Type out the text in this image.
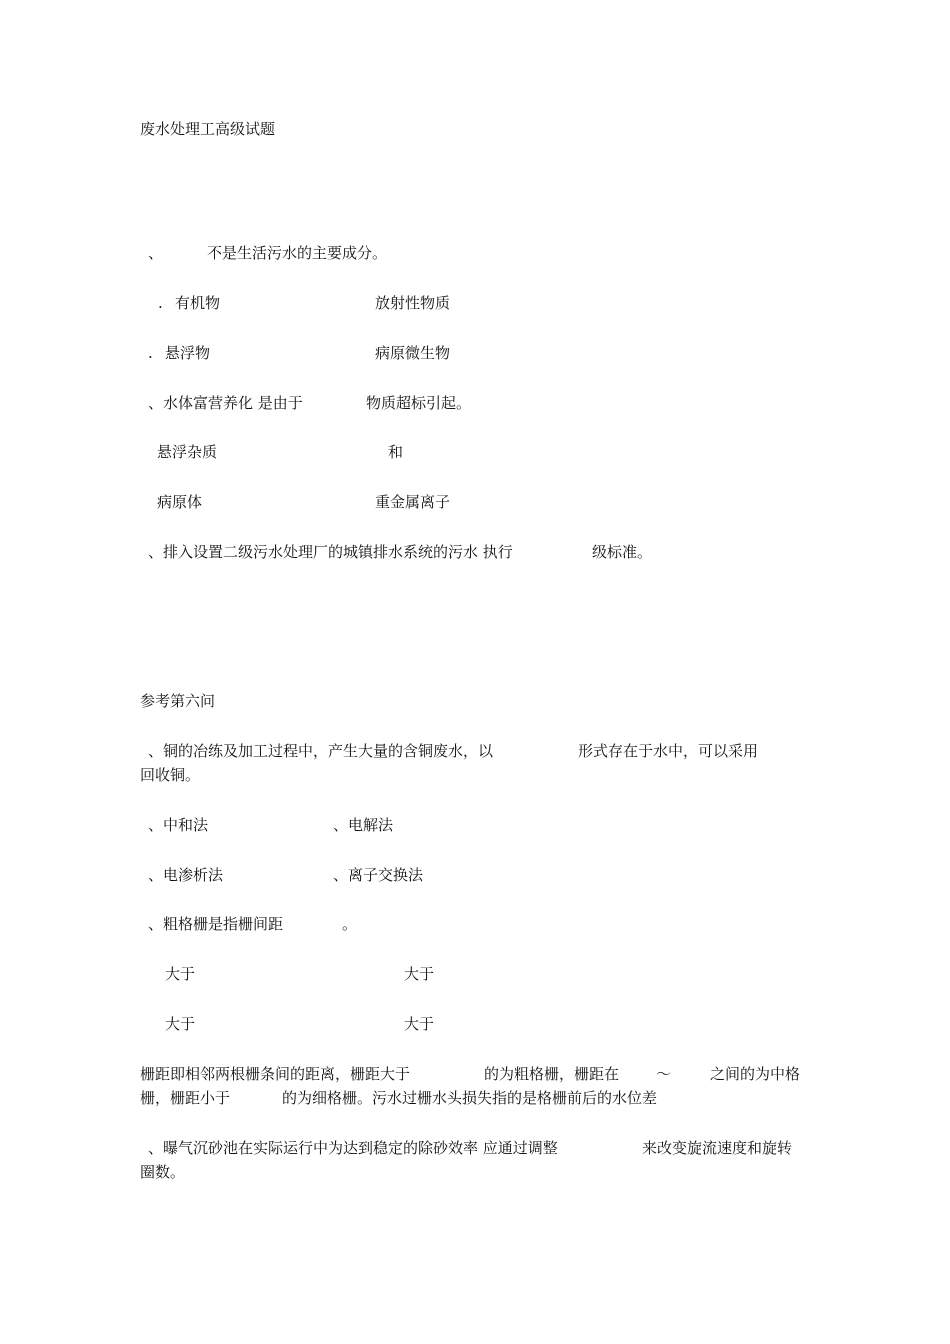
废水处理工高级试题
、	不是生活污水的主要成分。
. 有机物	放射性物质
. 悬浮物	病原微生物
、水体富营养化 是由于	物质超标引起。
悬浮杂质	和
病原体	重金属离子
、排入设置二级污水处理厂的城镇排水系统的污水 执行	级标准。
参考第六问
、铜的冶练及加工过程中，产生大量的含铜废水，以	形式存在于水中，可以采用
回收铜。
、中和法	、电解法
、电渗析法	、离子交换法
、粗格栅是指栅间距	。
大于	大于
大于	大于
栅距即相邻两根栅条间的距离，栅距大于	的为粗格栅，栅距在 ～	之间的为中格
栅，栅距小于	的为细格栅。污水过栅水头损失指的是格栅前后的水位差
、曝气沉砂池在实际运行中为达到稳定的除砂效率 应通过调整	来改变旋流速度和旋转
圈数。
